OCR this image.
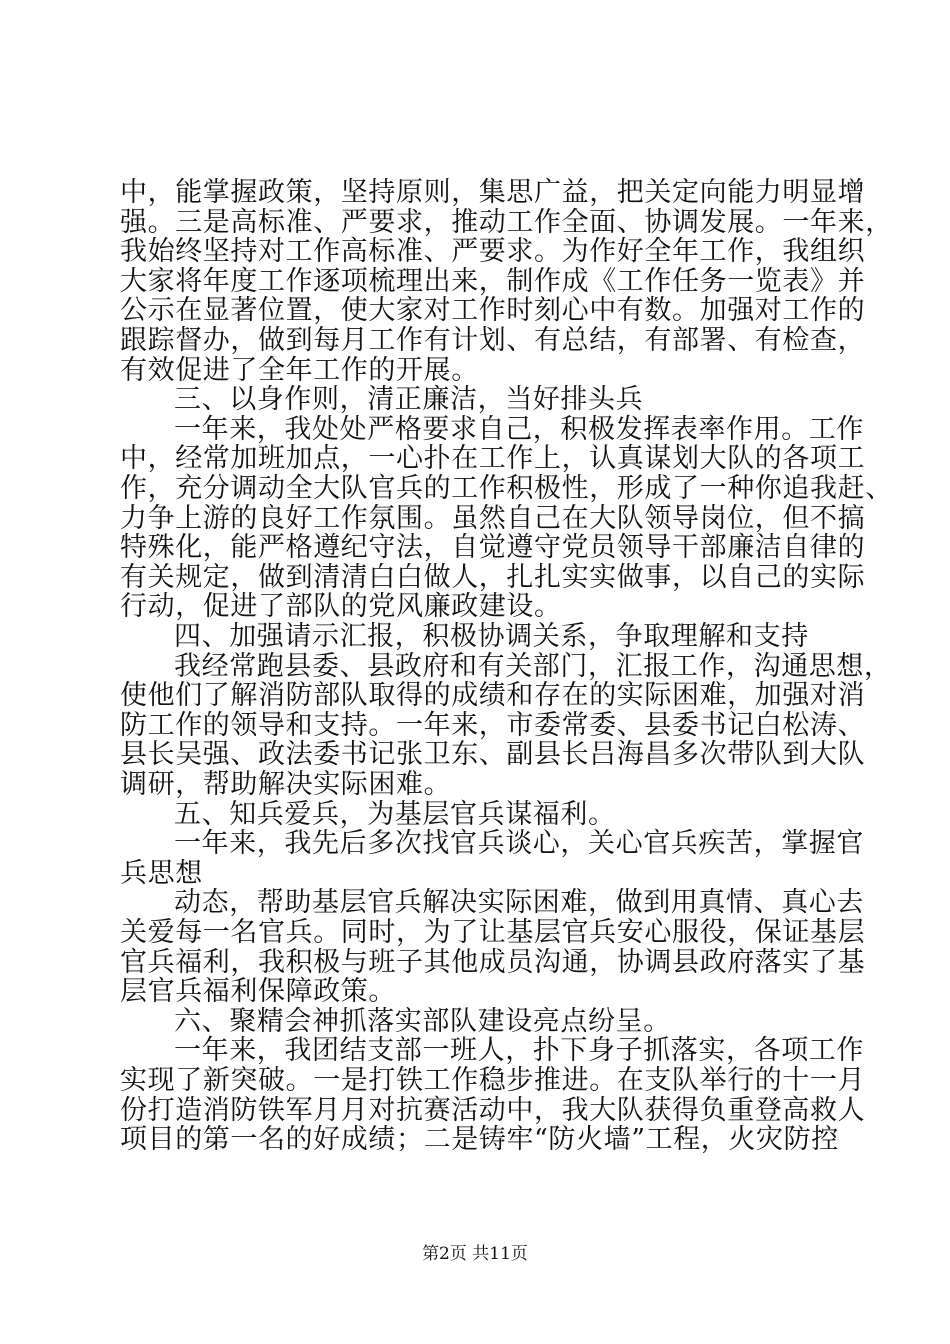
中，能掌握政策，坚持原则，集思广益，把关定向能力明显增
强。三是高标准、严要求，推动工作全面、协调发展。一年来，
我始终坚持对工作高标准、严要求。为作好全年工作，我组织
大家将年度工作逐项梳理出来，制作成《工作任务一览表》并
公示在显著位置，使大家对工作时刻心中有数。加强对工作的
跟踪督办，做到每月工作有计划、有总结，有部署、有检查，
有效促进了全年工作的开展。
三、以身作则，清正廉洁，当好排头兵
一年来，我处处严格要求自己，积极发挥表率作用。工作
中，经常加班加点，一心扑在工作上，认真谋划大队的各项工
作，充分调动全大队官兵的工作积极性，形成了一种你追我赶、
力争上游的良好工作氛围。虽然自己在大队领导岗位，但不搞
特殊化，能严格遵纪守法，自觉遵守党员领导干部廉洁自律的
有关规定，做到清清白白做人，扎扎实实做事，以自己的实际
行动，促进了部队的党风廉政建设。
四、加强请示汇报，积极协调关系，争取理解和支持
我经常跑县委、县政府和有关部门，汇报工作，沟通思想，
使他们了解消防部队取得的成绩和存在的实际困难，加强对消
防工作的领导和支持。一年来，市委常委、县委书记白松涛、
县长吴强、政法委书记张卫东、副县长吕海昌多次带队到大队
调研，帮助解决实际困难。
五、知兵爱兵，为基层官兵谋福利。
一年来，我先后多次找官兵谈心，关心官兵疾苦，掌握官
兵思想
动态，帮助基层官兵解决实际困难，做到用真情、真心去
关爱每一名官兵。同时，为了让基层官兵安心服役，保证基层
官兵福利，我积极与班子其他成员沟通，协调县政府落实了基
层官兵福利保障政策。
六、聚精会神抓落实部队建设亮点纷呈。
一年来，我团结支部一班人，扑下身子抓落实，各项工作
实现了新突破。一是打铁工作稳步推进。在支队举行的十一月
份打造消防铁军月月对抗赛活动中，我大队获得负重登高救人
项目的第一名的好成绩；二是铸牢“防火墙”工程，火灾防控
第2页 共11页
